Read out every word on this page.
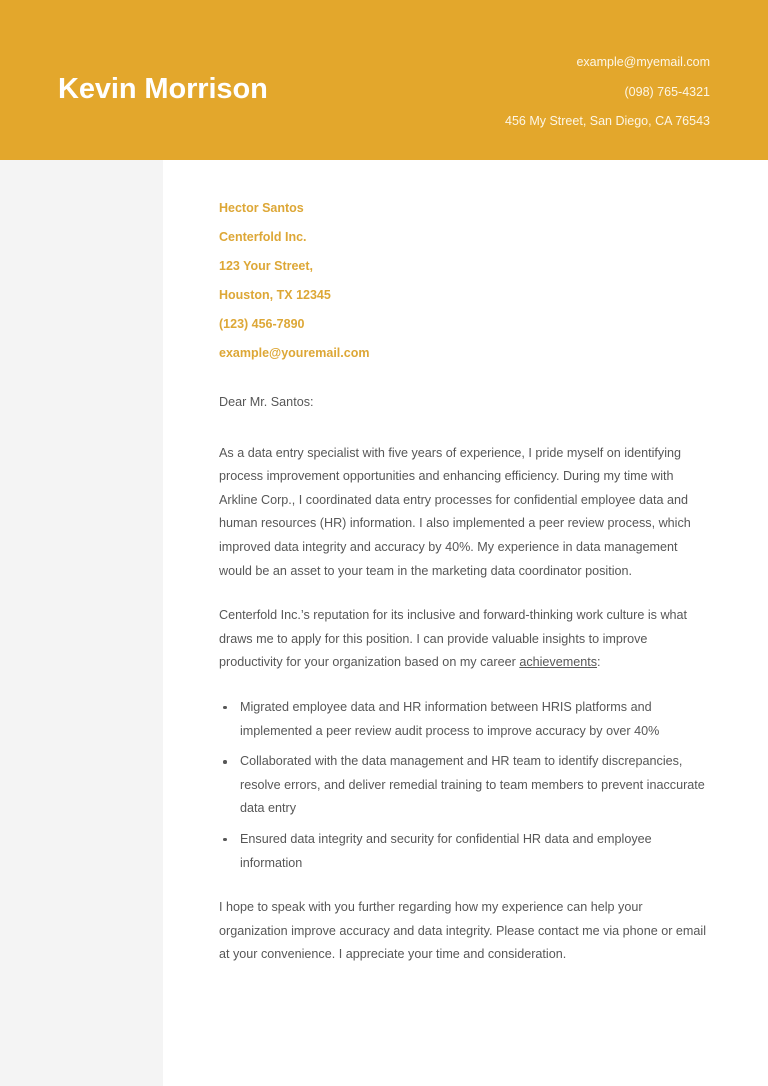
Kevin Morrison
example@myemail.com
(098) 765-4321
456 My Street, San Diego, CA 76543
Hector Santos
Centerfold Inc.
123 Your Street,
Houston, TX 12345
(123) 456-7890
example@youremail.com
Dear Mr. Santos:

As a data entry specialist with five years of experience, I pride myself on identifying process improvement opportunities and enhancing efficiency. During my time with Arkline Corp., I coordinated data entry processes for confidential employee data and human resources (HR) information. I also implemented a peer review process, which improved data integrity and accuracy by 40%. My experience in data management would be an asset to your team in the marketing data coordinator position.

Centerfold Inc.’s reputation for its inclusive and forward-thinking work culture is what draws me to apply for this position. I can provide valuable insights to improve productivity for your organization based on my career achievements:

Migrated employee data and HR information between HRIS platforms and implemented a peer review audit process to improve accuracy by over 40%
Collaborated with the data management and HR team to identify discrepancies, resolve errors, and deliver remedial training to team members to prevent inaccurate data entry
Ensured data integrity and security for confidential HR data and employee information

I hope to speak with you further regarding how my experience can help your organization improve accuracy and data integrity. Please contact me via phone or email at your convenience. I appreciate your time and consideration.
